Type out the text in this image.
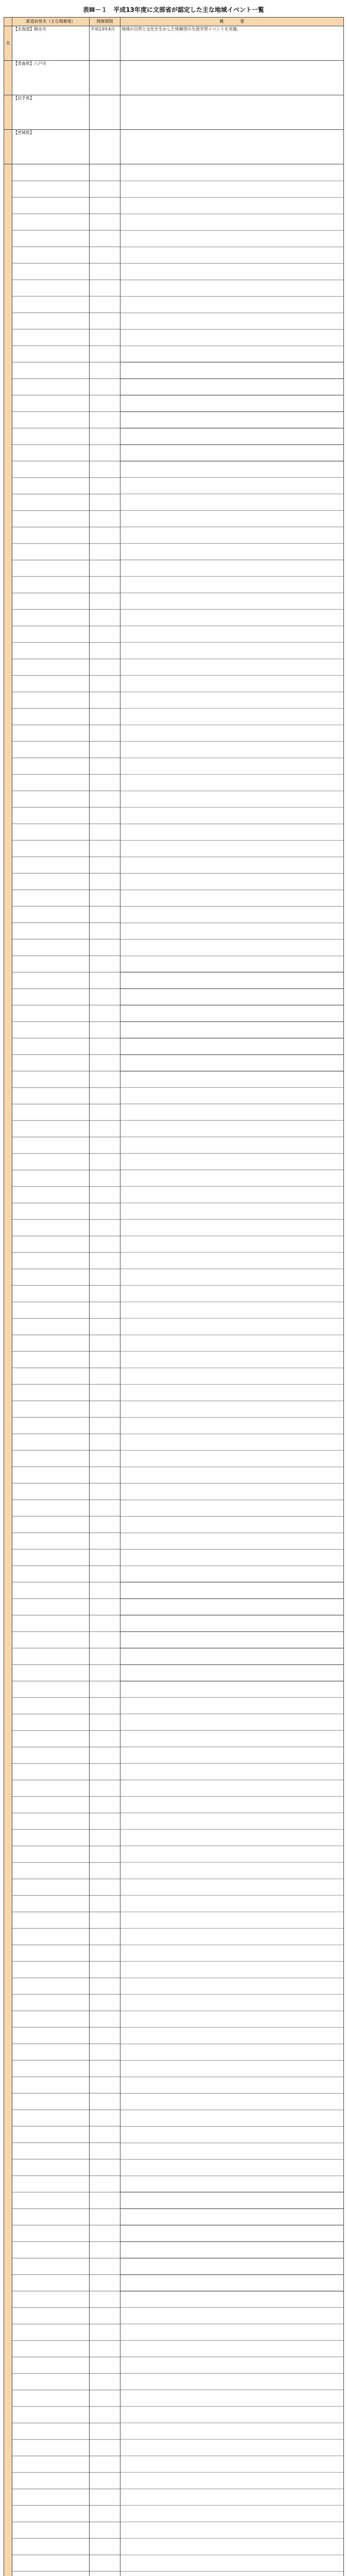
表Ⅲ－１　平成13年度に文部省が認定した主な地域イベント一覧
	都道府県名（主な開催地）	開催期間	概　　　　要
北	【北海道】網走市	平成13年4月	地域の自然と文化を生かした体験型の生涯学習イベントを実施。
	【青森県】八戸市		
	【岩手県】		
	【宮城県】		
